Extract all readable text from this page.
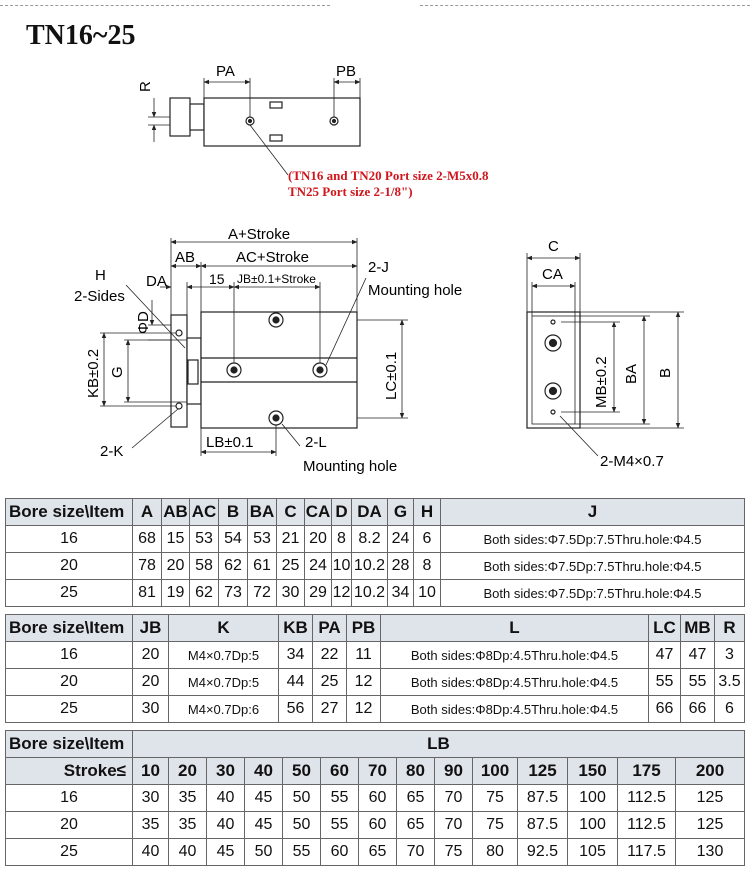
TN16~25
PA	PB
R
A+Stroke
AB	AC+Stroke
DA	15 JB±0.1+Stroke
2-J
Mounting hole
H
2-Sides
ΦD
KB±0.2 G	LC±0.1
2-K
LB±0.1	2-L
Mounting hole
C
CA
MB±0.2 BA B
2-M4×0.7
(TN16 and TN20 Port size 2-M5x0.8
TN25 Port size 2-1/8")
Bore size\Item	A	AB	AC	B	BA	C	CA	D	DA	G	H	J
16	68	15	53	54	53	21	20	8	8.2	24	6	Both sides:Φ7.5Dp:7.5Thru.hole:Φ4.5
20	78	20	58	62	61	25	24	10	10.2	28	8	Both sides:Φ7.5Dp:7.5Thru.hole:Φ4.5
25	81	19	62	73	72	30	29	12	10.2	34	10	Both sides:Φ7.5Dp:7.5Thru.hole:Φ4.5
Bore size\Item	JB	K	KB	PA	PB	L	LC	MB	R
16	20	M4×0.7Dp:5	34	22	11	Both sides:Φ8Dp:4.5Thru.hole:Φ4.5	47	47	3
20	20	M4×0.7Dp:5	44	25	12	Both sides:Φ8Dp:4.5Thru.hole:Φ4.5	55	55	3.5
25	30	M4×0.7Dp:6	56	27	12	Both sides:Φ8Dp:4.5Thru.hole:Φ4.5	66	66	6
Bore size\Item	LB													
Stroke≤	10	20	30	40	50	60	70	80	90	100	125	150	175	200
16	30	35	40	45	50	55	60	65	70	75	87.5	100	112.5	125
20	35	35	40	45	50	55	60	65	70	75	87.5	100	112.5	125
25	40	40	45	50	55	60	65	70	75	80	92.5	105	117.5	130
